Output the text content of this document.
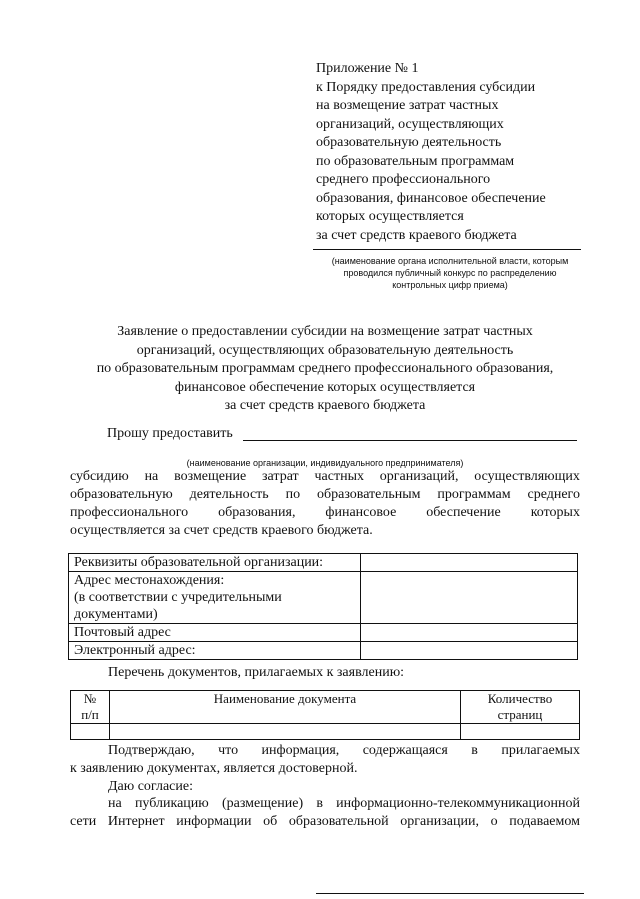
Приложение № 1
к Порядку предоставления субсидии
на возмещение затрат частных
организаций, осуществляющих
образовательную деятельность
по образовательным программам
среднего профессионального
образования, финансовое обеспечение
которых осуществляется
за счет средств краевого бюджета
(наименование органа исполнительной власти, которым
проводился публичный конкурс по распределению
контрольных цифр приема)
Заявление о предоставлении субсидии на возмещение затрат частных
организаций, осуществляющих образовательную деятельность
по образовательным программам среднего профессионального образования,
финансовое обеспечение которых осуществляется
за счет средств краевого бюджета
Прошу предоставить
(наименование организации, индивидуального предпринимателя)
субсидию на возмещение затрат частных организаций, осуществляющих
образовательную деятельность по образовательным программам среднего
профессионального образования, финансовое обеспечение которых
осуществляется за счет средств краевого бюджета.
Реквизиты образовательной организации:	
Адрес местонахождения:
(в соответствии с учредительными
документами)	
Почтовый адрес	
Электронный адрес:	
Перечень документов, прилагаемых к заявлению:
№
п/п	Наименование документа	Количество
страниц

Подтверждаю, что информация, содержащаяся в прилагаемых
к заявлению документах, является достоверной.
Даю согласие:
на публикацию (размещение) в информационно-телекоммуникационной
сети Интернет информации об образовательной организации, о подаваемом
